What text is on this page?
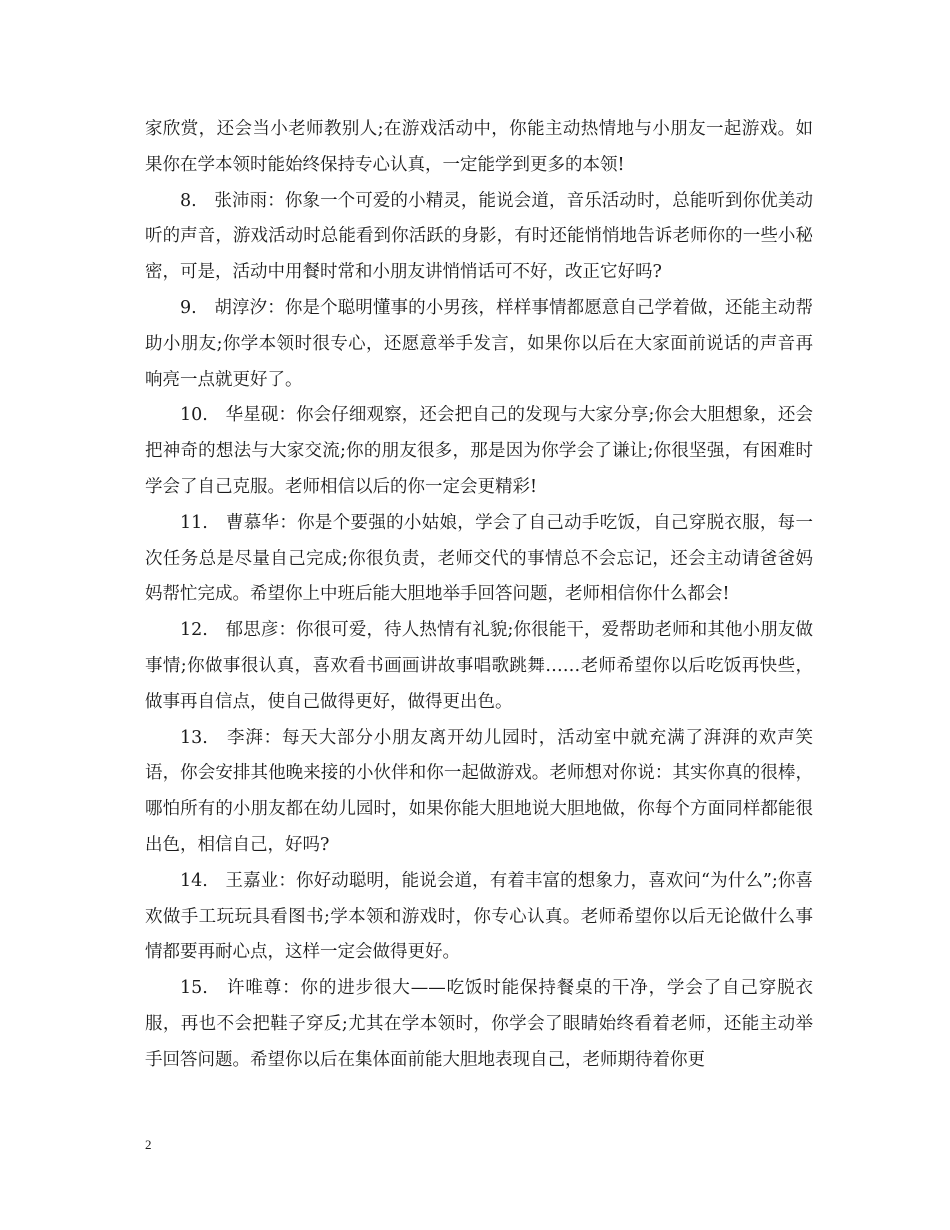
家欣赏，还会当小老师教别人;在游戏活动中，你能主动热情地与小朋友一起游戏。如果你在学本领时能始终保持专心认真，一定能学到更多的本领!

8.　张沛雨：你象一个可爱的小精灵，能说会道，音乐活动时，总能听到你优美动听的声音，游戏活动时总能看到你活跃的身影，有时还能悄悄地告诉老师你的一些小秘密，可是，活动中用餐时常和小朋友讲悄悄话可不好，改正它好吗?

9.　胡淳汐：你是个聪明懂事的小男孩，样样事情都愿意自己学着做，还能主动帮助小朋友;你学本领时很专心，还愿意举手发言，如果你以后在大家面前说话的声音再响亮一点就更好了。

10.　华星砚：你会仔细观察，还会把自己的发现与大家分享;你会大胆想象，还会把神奇的想法与大家交流;你的朋友很多，那是因为你学会了谦让;你很坚强，有困难时学会了自己克服。老师相信以后的你一定会更精彩!

11.　曹慕华：你是个要强的小姑娘，学会了自己动手吃饭，自己穿脱衣服，每一次任务总是尽量自己完成;你很负责，老师交代的事情总不会忘记，还会主动请爸爸妈妈帮忙完成。希望你上中班后能大胆地举手回答问题，老师相信你什么都会!

12.　郁思彦：你很可爱，待人热情有礼貌;你很能干，爱帮助老师和其他小朋友做事情;你做事很认真，喜欢看书画画讲故事唱歌跳舞……老师希望你以后吃饭再快些，做事再自信点，使自己做得更好，做得更出色。

13.　李湃：每天大部分小朋友离开幼儿园时，活动室中就充满了湃湃的欢声笑语，你会安排其他晚来接的小伙伴和你一起做游戏。老师想对你说：其实你真的很棒，哪怕所有的小朋友都在幼儿园时，如果你能大胆地说大胆地做，你每个方面同样都能很出色，相信自己，好吗?

14.　王嘉业：你好动聪明，能说会道，有着丰富的想象力，喜欢问“为什么”;你喜欢做手工玩玩具看图书;学本领和游戏时，你专心认真。老师希望你以后无论做什么事情都要再耐心点，这样一定会做得更好。

15.　许唯尊：你的进步很大——吃饭时能保持餐桌的干净，学会了自己穿脱衣服，再也不会把鞋子穿反;尤其在学本领时，你学会了眼睛始终看着老师，还能主动举手回答问题。希望你以后在集体面前能大胆地表现自己，老师期待着你更

2
